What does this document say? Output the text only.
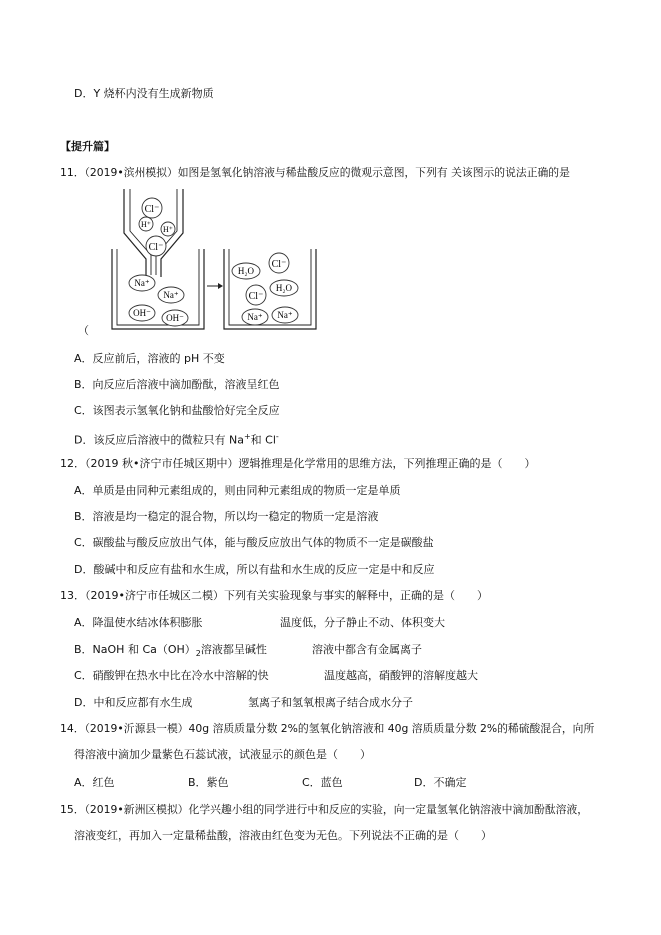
D．Y 烧杯内没有生成新物质
【提升篇】
11．（2019•滨州模拟）如图是氢氧化钠溶液与稀盐酸反应的微观示意图，下列有 关该图示的说法正确的是
Cl⁻
H⁺
H⁺
Cl⁻
Na⁺
Na⁺
OH⁻ OH⁻
H₂O
Cl⁻
Cl⁻
H₂O
Na⁺ Na⁺
（
A．反应前后，溶液的 pH 不变
B．向反应后溶液中滴加酚酞，溶液呈红色
C．该图表示氢氧化钠和盐酸恰好完全反应
D．该反应后溶液中的微粒只有 Na+和 Cl-
12．（2019 秋•济宁市任城区期中）逻辑推理是化学常用的思维方法，下列推理正确的是（　　）
A．单质是由同种元素组成的，则由同种元素组成的物质一定是单质
B．溶液是均一稳定的混合物，所以均一稳定的物质一定是溶液
C．碳酸盐与酸反应放出气体，能与酸反应放出气体的物质不一定是碳酸盐
D．酸碱中和反应有盐和水生成，所以有盐和水生成的反应一定是中和反应
13．（2019•济宁市任城区二模）下列有关实验现象与事实的解释中，正确的是（　　）
A．降温使水结冰体积膨胀	温度低，分子静止不动、体积变大
B．NaOH 和 $Ca(OH)_2$溶液都呈碱性	溶液中都含有金属离子
C．硝酸钾在热水中比在冷水中溶解的快	温度越高，硝酸钾的溶解度越大
D．中和反应都有水生成	氢离子和氢氧根离子结合成水分子
14．（2019•沂源县一模）40g 溶质质量分数 2%的氢氧化钠溶液和 40g 溶质质量分数 2%的稀硫酸混合，向所
得溶液中滴加少量紫色石蕊试液，试液显示的颜色是（　　）
A．红色	B．紫色	C．蓝色	D．不确定
15．（2019•新洲区模拟）化学兴趣小组的同学进行中和反应的实验，向一定量氢氧化钠溶液中滴加酚酞溶液，
溶液变红，再加入一定量稀盐酸，溶液由红色变为无色。下列说法不正确的是（　　）
